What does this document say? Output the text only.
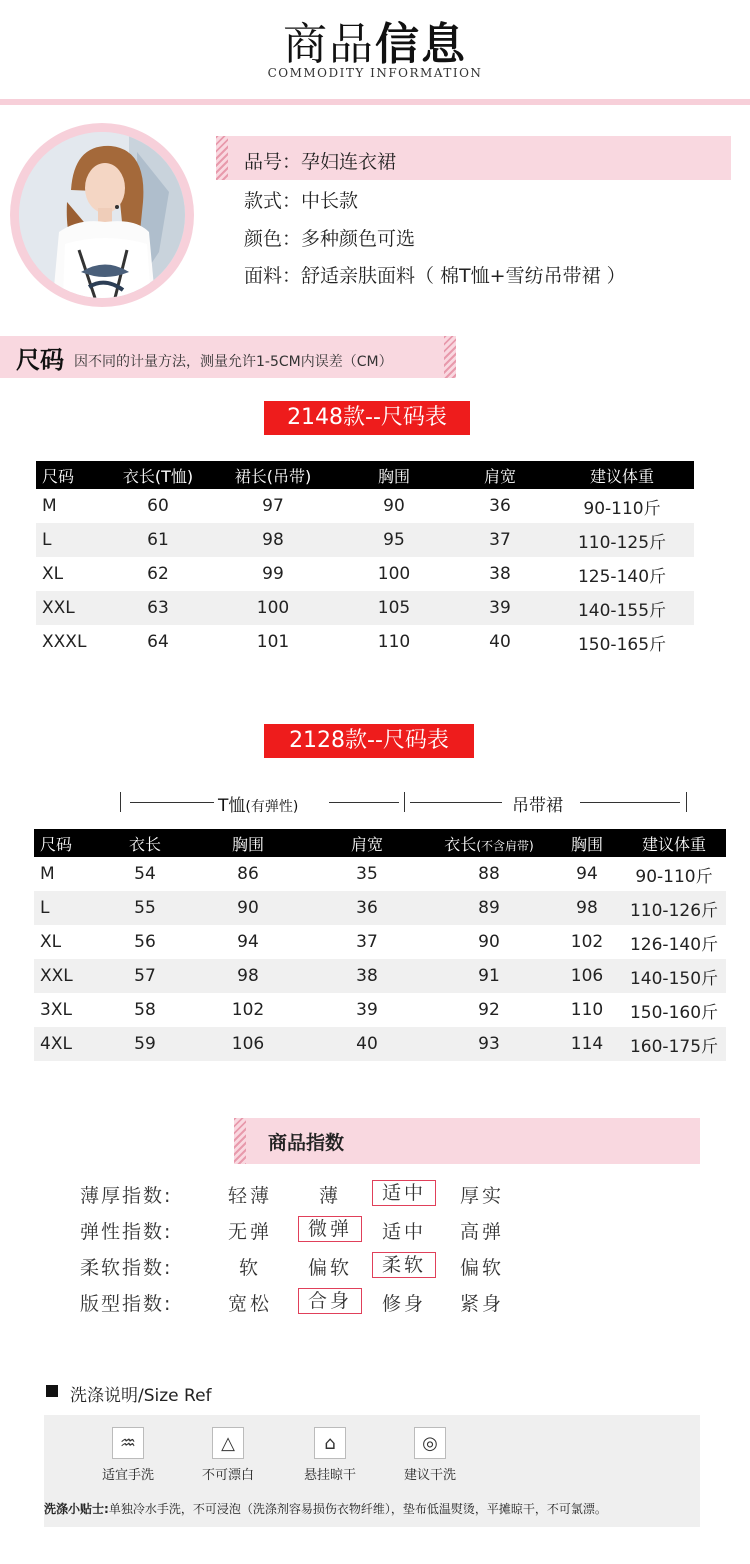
商品信息
COMMODITY INFORMATION
品号：孕妇连衣裙
款式：中长款
颜色：多种颜色可选
面料：舒适亲肤面料（ 棉T恤+雪纺吊带裙 ）
尺码 因不同的计量方法，测量允许1-5CM内误差（CM）
2148款--尺码表
尺码	衣长(T恤)	裙长(吊带)	胸围	肩宽	建议体重
M	60	97	90	36	90-110斤
L	61	98	95	37	110-125斤
XL	62	99	100	38	125-140斤
XXL	63	100	105	39	140-155斤
XXXL	64	101	110	40	150-165斤
2128款--尺码表
T恤(有弹性)	吊带裙
尺码	衣长	胸围	肩宽	衣长(不含肩带)	胸围	建议体重
M	54	86	35	88	94	90-110斤
L	55	90	36	89	98	110-126斤
XL	56	94	37	90	102	126-140斤
XXL	57	98	38	91	106	140-150斤
3XL	58	102	39	92	110	150-160斤
4XL	59	106	40	93	114	160-175斤
商品指数
薄厚指数:	轻薄	薄	适中	厚实
弹性指数:	无弹	微弹	适中	高弹
柔软指数:	软	偏软	柔软	偏软
版型指数:	宽松	合身	修身	紧身
洗涤说明/Size Ref
♒
适宜手洗
△
不可漂白
⌂
悬挂晾干
◎
建议干洗
洗涤小贴士:单独冷水手洗，不可浸泡（洗涤剂容易损伤衣物纤维），垫布低温熨烫，平摊晾干，不可氯漂。
